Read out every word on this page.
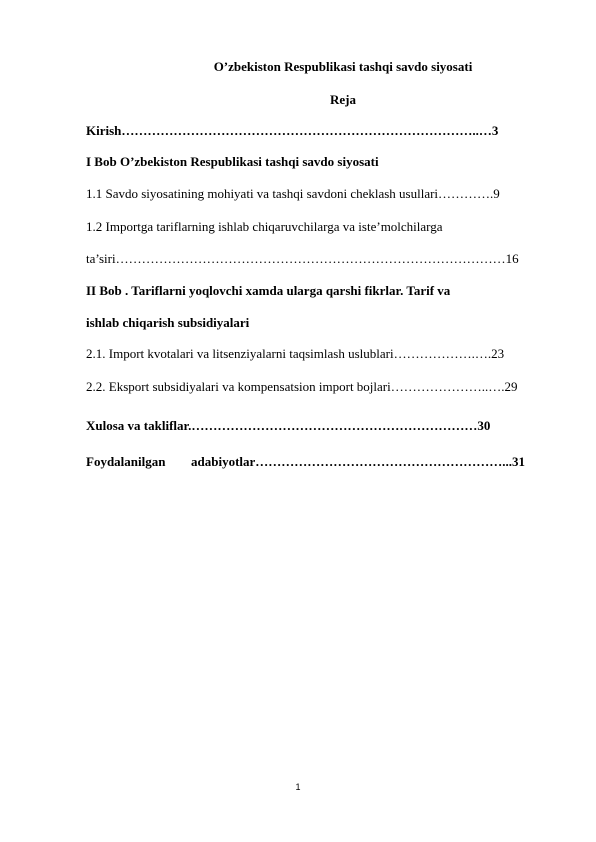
O’zbekiston Respublikasi tashqi savdo siyosati
Reja
Kirish………………………………………………………………………..…3
I Bob O’zbekiston Respublikasi tashqi savdo siyosati
1.1 Savdo siyosatining mohiyati va tashqi savdoni cheklash usullari………….9
1.2 Importga tariflarning ishlab chiqaruvchilarga va iste’molchilarga
ta’siri………………………………………………………………………………16
II Bob . Tariflarni yoqlovchi xamda ularga qarshi fikrlar. Tarif va
ishlab chiqarish subsidiyalari
2.1. Import kvotalari va litsenziyalarni taqsimlash uslublari……………….….23
2.2. Eksport subsidiyalari va kompensatsion import bojlari…………………..….29
Xulosa va takliflar.…………………………………………………………30
Foydalanilgan adabiyotlar…………………………………………………...31
1
